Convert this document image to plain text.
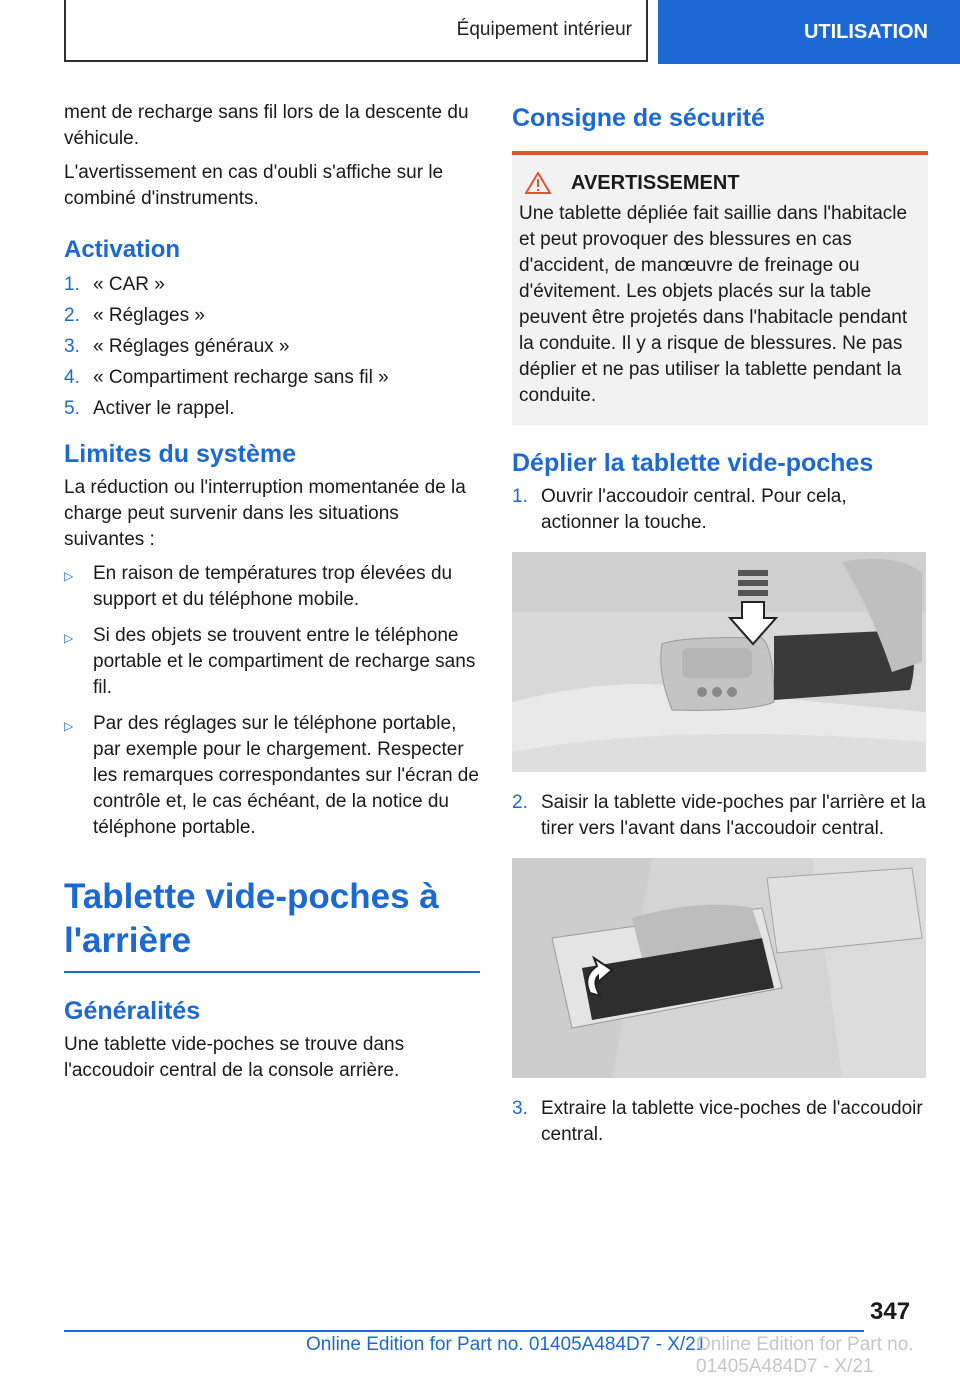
Équipement intérieur	UTILISATION

ment de recharge sans fil lors de la descente du véhicule.

L'avertissement en cas d'oubli s'affiche sur le combiné d'instruments.

Activation
1. « CAR »
2. « Réglages »
3. « Réglages généraux »
4. « Compartiment recharge sans fil »
5. Activer le rappel.
Limites du système

La réduction ou l'interruption momentanée de la charge peut survenir dans les situations suivantes :

▷	En raison de températures trop élevées du support et du téléphone mobile.
▷	Si des objets se trouvent entre le téléphone portable et le compartiment de recharge sans fil.
▷	Par des réglages sur le téléphone portable, par exemple pour le chargement. Respecter les remarques correspondantes sur l'écran de contrôle et, le cas échéant, de la notice du téléphone portable.
Tablette vide-poches à l'arrière
Généralités

Une tablette vide-poches se trouve dans l'accoudoir central de la console arrière.

Consigne de sécurité
AVERTISSEMENT

Une tablette dépliée fait saillie dans l'habitacle et peut provoquer des blessures en cas d'accident, de manœuvre de freinage ou d'évitement. Les objets placés sur la table peuvent être projetés dans l'habitacle pendant la conduite. Il y a risque de blessures. Ne pas déplier et ne pas utiliser la tablette pendant la conduite.

Déplier la tablette vide-poches
1. Ouvrir l'accoudoir central. Pour cela, actionner la touche.
2. Saisir la tablette vide-poches par l'arrière et la tirer vers l'avant dans l'accoudoir central.
3. Extraire la tablette vice-poches de l'accoudoir central.
347
Online Edition for Part no. 01405A484D7 - X/21
Online Edition for Part no. 01405A484D7 - X/21
